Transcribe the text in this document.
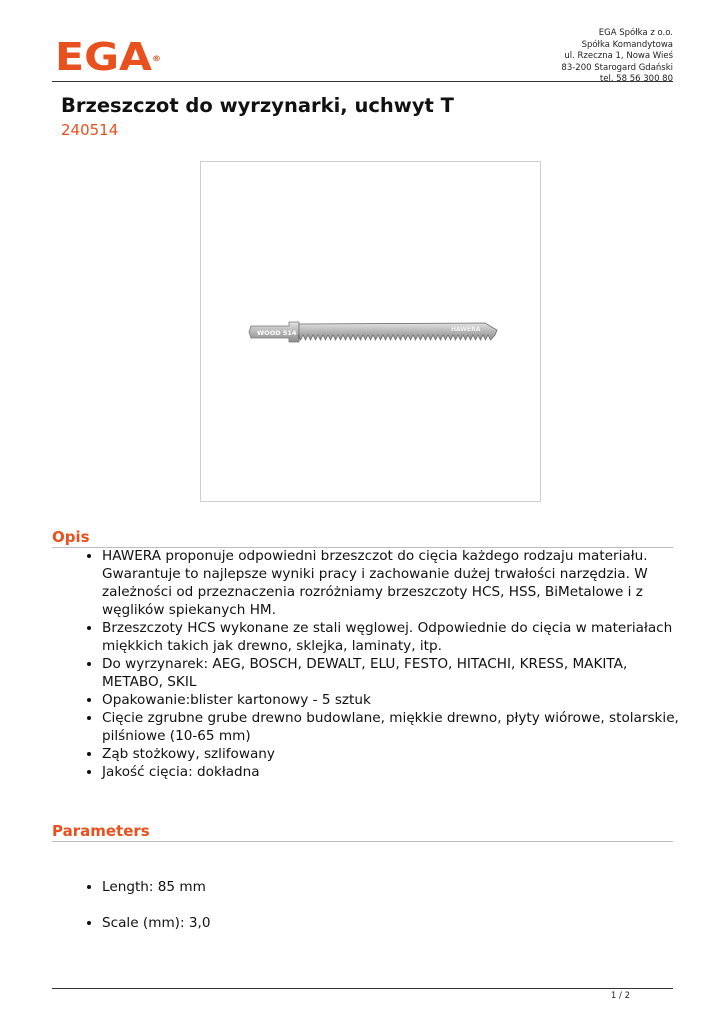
EGA®
EGA Spółka z o.o.
Spółka Komandytowa
ul. Rzeczna 1, Nowa Wieś
83-200 Starogard Gdański
tel. 58 56 300 80
Brzeszczot do wyrzynarki, uchwyt T
240514
WOOD 514	HAWERA
Opis
• HAWERA proponuje odpowiedni brzeszczot do cięcia każdego rodzaju materiału. Gwarantuje to najlepsze wyniki pracy i zachowanie dużej trwałości narzędzia. W zależności od przeznaczenia rozróżniamy brzeszczoty HCS, HSS, BiMetalowe i z węglików spiekanych HM.
• Brzeszczoty HCS wykonane ze stali węglowej. Odpowiednie do cięcia w materiałach miękkich takich jak drewno, sklejka, laminaty, itp.
• Do wyrzynarek: AEG, BOSCH, DEWALT, ELU, FESTO, HITACHI, KRESS, MAKITA, METABO, SKIL
• Opakowanie:blister kartonowy - 5 sztuk
• Cięcie zgrubne grube drewno budowlane, miękkie drewno, płyty wiórowe, stolarskie, pilśniowe (10-65 mm)
• Ząb stożkowy, szlifowany
• Jakość cięcia: dokładna
Parameters
• Length: 85 mm
• Scale (mm): 3,0
1 / 2
